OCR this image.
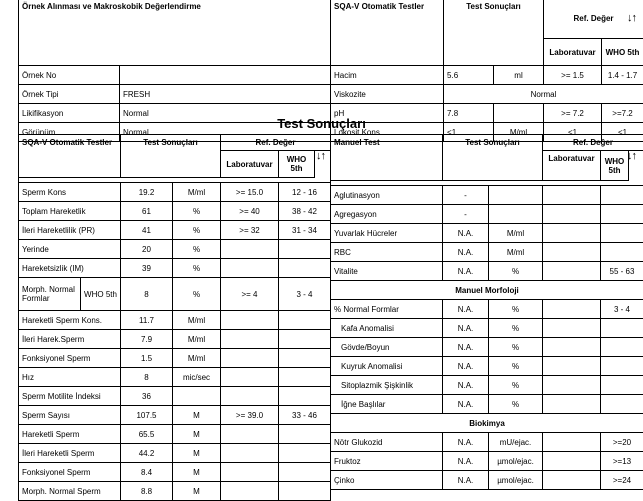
Örnek Alınması ve Makroskobik Değerlendirme		SQA-V Otomatik Testler	Test Sonuçları		Ref. Değer	
					Laboratuvar	WHO 5th
Örnek No		Hacim	5.6	ml	>= 1.5	1.4 - 1.7
Örnek Tipi	FRESH	Viskozite	Normal			
Likifikasyon	Normal	pH	7.8		>= 7.2	>=7.2
Görünüm	Normal	Lokosit Kons.	<1	M/ml	<1	<1
Test Sonuçları
SQA-V Otomatik Testler		Test Sonuçları		Ref. Değer		
				Laboratuvar	WHO 5th	

Sperm Kons		19.2	M/ml	>= 15.0	12 - 16	
Toplam Hareketlik		61	%	>= 40	38 - 42	
İleri Hareketlilik (PR)		41	%	>= 32	31 - 34	
Yerinde		20	%			
Hareketsizlik (IM)		39	%			
Morph. Normal Formlar	WHO 5th	8	%	>= 4	3 - 4	
Hareketli Sperm Kons.		11.7	M/ml			
İleri Harek.Sperm		7.9	M/ml			
Fonksiyonel Sperm		1.5	M/ml			
Hız		8	mic/sec			
Sperm Motilite İndeksi		36				
Sperm Sayısı		107.5	M	>= 39.0	33 - 46	
Hareketli Sperm		65.5	M			
İleri Hareketli Sperm		44.2	M			
Fonksiyonel Sperm		8.4	M			
Morph. Normal Sperm		8.8	M			
Manuel Test	Test Sonuçları		Ref. Değer		
			Laboratuvar	WHO 5th	

Aglutinasyon	-				
Agregasyon	-				
Yuvarlak Hücreler	N.A.	M/ml			
RBC	N.A.	M/ml			
Vitalite	N.A.	%		55 - 63	
Manuel Morfoloji					
% Normal Formlar	N.A.	%		3 - 4	
Kafa Anomalisi	N.A.	%			
Gövde/Boyun	N.A.	%			
Kuyruk Anomalisi	N.A.	%			
Sitoplazmik Şişkinlik	N.A.	%			
İğne Başlılar	N.A.	%			
Biokimya					
Nötr Glukozid	N.A.	mU/ejac.		>=20	
Fruktoz	N.A.	µmol/ejac.		>=13	
Çinko	N.A.	µmol/ejac.		>=24	
↓↑	↓↑
↓↑
